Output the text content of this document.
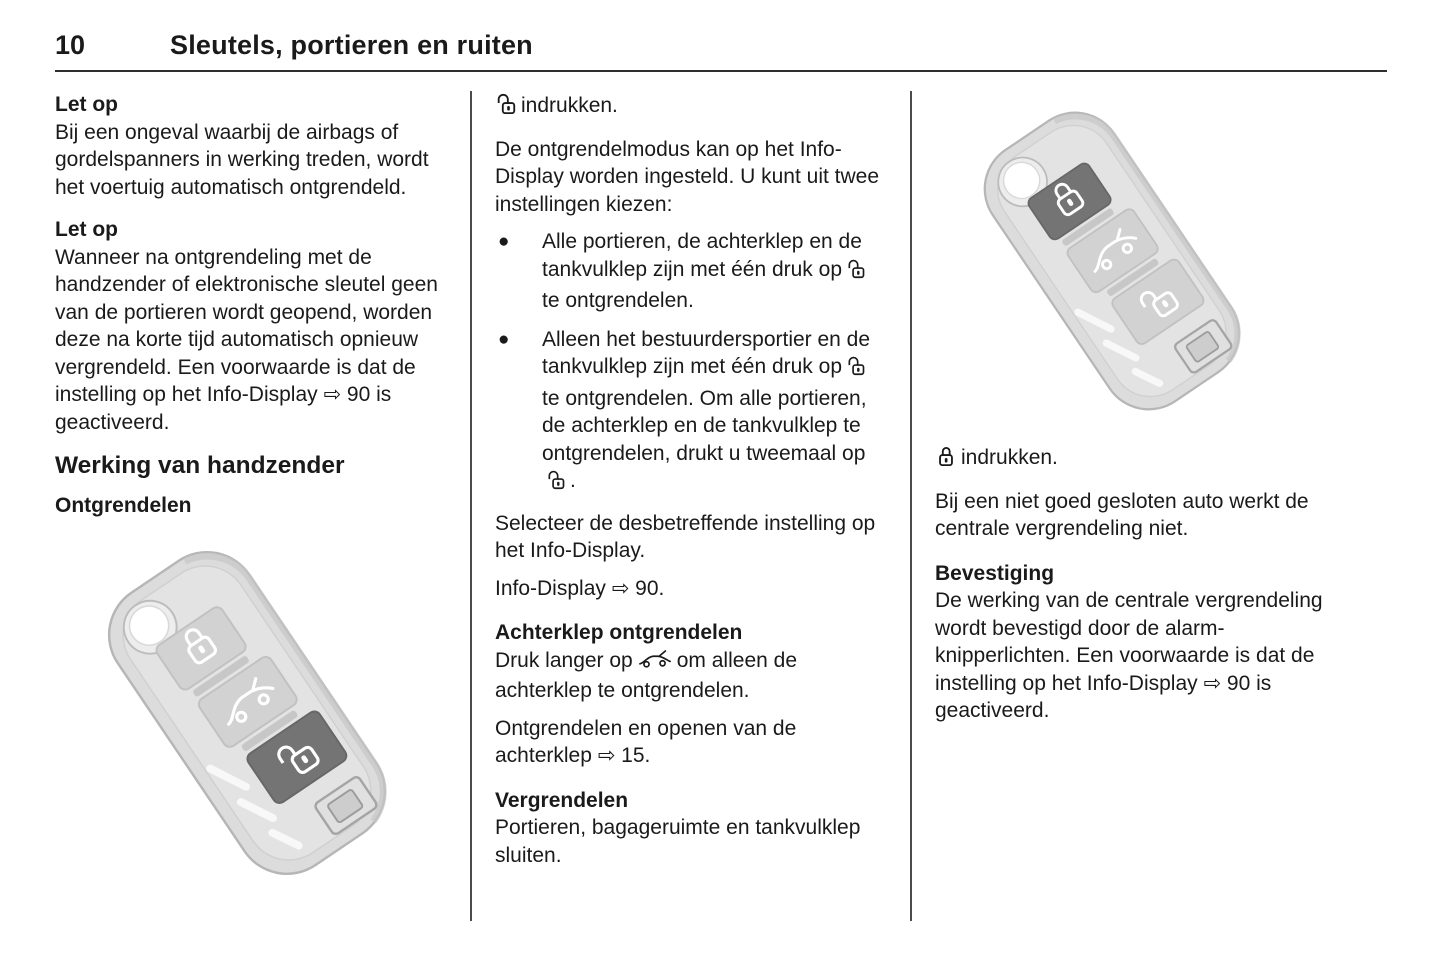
10	Sleutels, portieren en ruiten
Let op
Bij een ongeval waarbij de airbags of gordelspanners in werking treden, wordt het voertuig automatisch ontgrendeld.
Let op
Wanneer na ontgrendeling met de handzender of elektronische sleutel geen van de portieren wordt geopend, worden deze na korte tijd automatisch opnieuw vergrendeld. Een voorwaarde is dat de instelling op het Info-Display ⇨ 90 is geactiveerd.
Werking van handzender
Ontgrendelen

indrukken.

De ontgrendelmodus kan op het Info-Display worden ingesteld. U kunt uit twee instellingen kiezen:

●	Alle portieren, de achterklep en de tankvulklep zijn met één druk opte ontgrendelen.
●	Alleen het bestuurdersportier en de tankvulklep zijn met één druk opte ontgrendelen. Om alle portieren, de achterklep en de tankvulklep te ontgrendelen, drukt u tweemaal op.

Selecteer de desbetreffende instelling op het Info-Display.

Info-Display ⇨ 90.

Achterklep ontgrendelen

Druk langer op om alleen de achterklep te ontgrendelen.

Ontgrendelen en openen van de achterklep ⇨ 15.

Vergrendelen

Portieren, bagageruimte en tankvulklep sluiten.

indrukken.

Bij een niet goed gesloten auto werkt de centrale vergrendeling niet.

Bevestiging

De werking van de centrale vergrendeling wordt bevestigd door de alarmknipperlichten. Een voorwaarde is dat de instelling op het Info-Display ⇨ 90 is geactiveerd.
